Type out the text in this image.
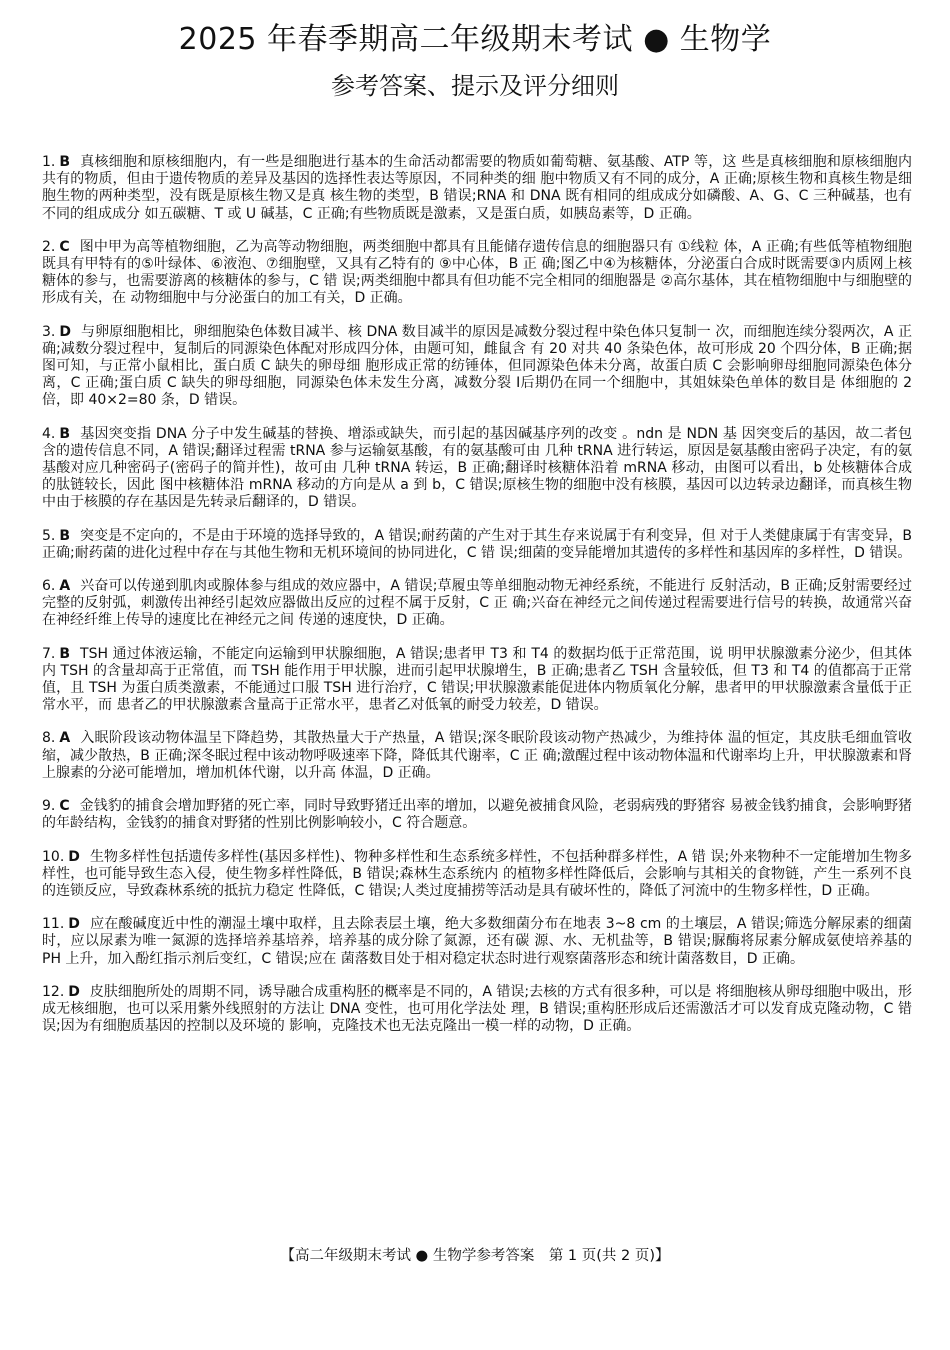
2025 年春季期高二年级期末考试 ● 生物学
参考答案、提示及评分细则

1. B 真核细胞和原核细胞内，有一些是细胞进行基本的生命活动都需要的物质如葡萄糖、氨基酸、ATP 等，这 些是真核细胞和原核细胞内共有的物质，但由于遗传物质的差异及基因的选择性表达等原因，不同种类的细 胞中物质又有不同的成分，A 正确;原核生物和真核生物是细胞生物的两种类型，没有既是原核生物又是真 核生物的类型，B 错误;RNA 和 DNA 既有相同的组成成分如磷酸、A、G、C 三种碱基，也有不同的组成成分 如五碳糖、T 或 U 碱基，C 正确;有些物质既是激素，又是蛋白质，如胰岛素等，D 正确。

2. C 图中甲为高等植物细胞，乙为高等动物细胞，两类细胞中都具有且能储存遗传信息的细胞器只有 ①线粒 体，A 正确;有些低等植物细胞既具有甲特有的⑤叶绿体、⑥液泡、⑦细胞壁，又具有乙特有的 ⑨中心体，B 正 确;图乙中④为核糖体，分泌蛋白合成时既需要③内质网上核糖体的参与，也需要游离的核糖体的参与，C 错 误;两类细胞中都具有但功能不完全相同的细胞器是 ②高尔基体，其在植物细胞中与细胞壁的形成有关，在 动物细胞中与分泌蛋白的加工有关，D 正确。

3. D 与卵原细胞相比，卵细胞染色体数目减半、核 DNA 数目减半的原因是减数分裂过程中染色体只复制一 次，而细胞连续分裂两次，A 正确;减数分裂过程中，复制后的同源染色体配对形成四分体，由题可知，雌鼠含 有 20 对共 40 条染色体，故可形成 20 个四分体，B 正确;据图可知，与正常小鼠相比，蛋白质 C 缺失的卵母细 胞形成正常的纺锤体，但同源染色体未分离，故蛋白质 C 会影响卵母细胞同源染色体分离，C 正确;蛋白质 C 缺失的卵母细胞，同源染色体未发生分离，减数分裂 Ⅰ后期仍在同一个细胞中，其姐妹染色单体的数目是 体细胞的 2 倍，即 40×2=80 条，D 错误。

4. B 基因突变指 DNA 分子中发生碱基的替换、增添或缺失，而引起的基因碱基序列的改变 。ndn 是 NDN 基 因突变后的基因，故二者包含的遗传信息不同，A 错误;翻译过程需 tRNA 参与运输氨基酸，有的氨基酸可由 几种 tRNA 进行转运，原因是氨基酸由密码子决定，有的氨基酸对应几种密码子(密码子的简并性)，故可由 几种 tRNA 转运，B 正确;翻译时核糖体沿着 mRNA 移动，由图可以看出，b 处核糖体合成的肽链较长，因此 图中核糖体沿 mRNA 移动的方向是从 a 到 b，C 错误;原核生物的细胞中没有核膜，基因可以边转录边翻译，而真核生物中由于核膜的存在基因是先转录后翻译的，D 错误。

5. B 突变是不定向的，不是由于环境的选择导致的，A 错误;耐药菌的产生对于其生存来说属于有利变异，但 对于人类健康属于有害变异，B 正确;耐药菌的进化过程中存在与其他生物和无机环境间的协同进化，C 错 误;细菌的变异能增加其遗传的多样性和基因库的多样性，D 错误。

6. A 兴奋可以传递到肌肉或腺体参与组成的效应器中，A 错误;草履虫等单细胞动物无神经系统，不能进行 反射活动，B 正确;反射需要经过完整的反射弧，刺激传出神经引起效应器做出反应的过程不属于反射，C 正 确;兴奋在神经元之间传递过程需要进行信号的转换，故通常兴奋在神经纤维上传导的速度比在神经元之间 传递的速度快，D 正确。

7. B TSH 通过体液运输，不能定向运输到甲状腺细胞，A 错误;患者甲 T3 和 T4 的数据均低于正常范围，说 明甲状腺激素分泌少，但其体内 TSH 的含量却高于正常值，而 TSH 能作用于甲状腺，进而引起甲状腺增生，B 正确;患者乙 TSH 含量较低，但 T3 和 T4 的值都高于正常值，且 TSH 为蛋白质类激素，不能通过口服 TSH 进行治疗，C 错误;甲状腺激素能促进体内物质氧化分解，患者甲的甲状腺激素含量低于正常水平，而 患者乙的甲状腺激素含量高于正常水平，患者乙对低氧的耐受力较差，D 错误。

8. A 入眠阶段该动物体温呈下降趋势，其散热量大于产热量，A 错误;深冬眠阶段该动物产热减少，为维持体 温的恒定，其皮肤毛细血管收缩，减少散热，B 正确;深冬眠过程中该动物呼吸速率下降，降低其代谢率，C 正 确;激醒过程中该动物体温和代谢率均上升，甲状腺激素和肾上腺素的分泌可能增加，增加机体代谢，以升高 体温，D 正确。

9. C 金钱豹的捕食会增加野猪的死亡率，同时导致野猪迁出率的增加，以避免被捕食风险，老弱病残的野猪容 易被金钱豹捕食，会影响野猪的年龄结构，金钱豹的捕食对野猪的性别比例影响较小，C 符合题意。

10. D 生物多样性包括遗传多样性(基因多样性)、物种多样性和生态系统多样性，不包括种群多样性，A 错 误;外来物种不一定能增加生物多样性，也可能导致生态入侵，使生物多样性降低，B 错误;森林生态系统内 的植物多样性降低后，会影响与其相关的食物链，产生一系列不良的连锁反应，导致森林系统的抵抗力稳定 性降低，C 错误;人类过度捕捞等活动是具有破坏性的，降低了河流中的生物多样性，D 正确。

11. D 应在酸碱度近中性的潮湿土壤中取样，且去除表层土壤，绝大多数细菌分布在地表 3~8 cm 的土壤层，A 错误;筛选分解尿素的细菌时，应以尿素为唯一氮源的选择培养基培养，培养基的成分除了氮源，还有碳 源、水、无机盐等，B 错误;脲酶将尿素分解成氨使培养基的 PH 上升，加入酚红指示剂后变红，C 错误;应在 菌落数目处于相对稳定状态时进行观察菌落形态和统计菌落数目，D 正确。

12. D 皮肤细胞所处的周期不同，诱导融合成重构胚的概率是不同的，A 错误;去核的方式有很多种，可以是 将细胞核从卵母细胞中吸出，形成无核细胞，也可以采用紫外线照射的方法让 DNA 变性，也可用化学法处 理，B 错误;重构胚形成后还需激活才可以发育成克隆动物，C 错误;因为有细胞质基因的控制以及环境的 影响，克隆技术也无法克隆出一模一样的动物，D 正确。

【高二年级期末考试 ● 生物学参考答案　第 1 页(共 2 页)】
